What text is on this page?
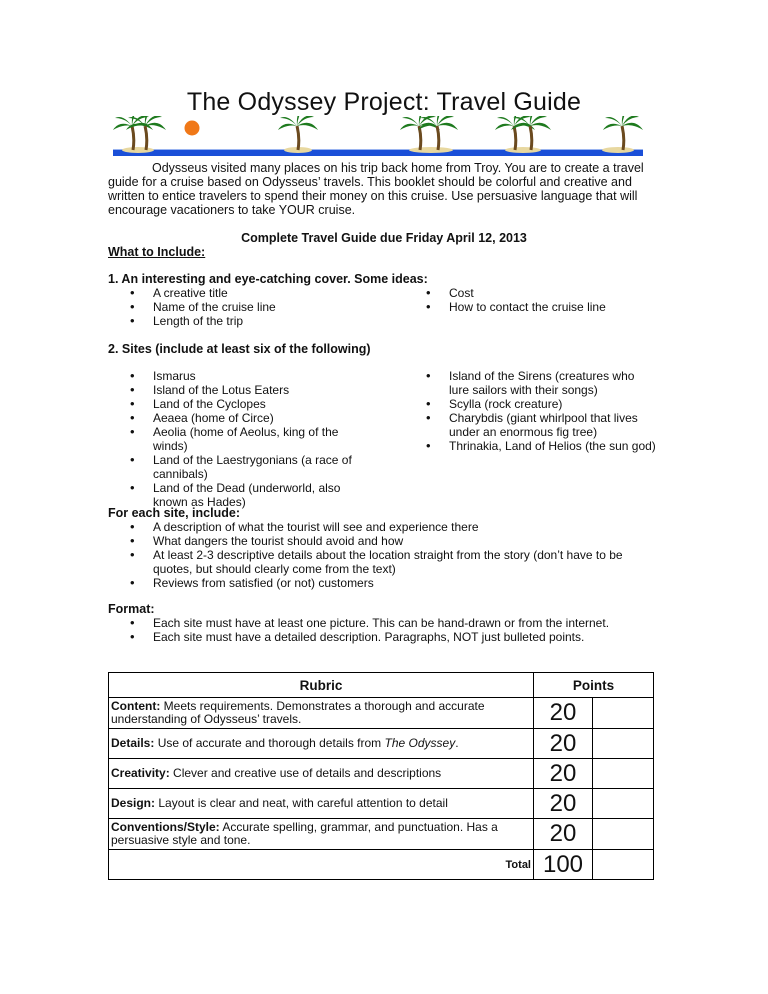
The Odyssey Project: Travel Guide
Odysseus visited many places on his trip back home from Troy. You are to create a travel guide for a cruise based on Odysseus’ travels. This booklet should be colorful and creative and written to entice travelers to spend their money on this cruise. Use persuasive language that will encourage vacationers to take YOUR cruise.
Complete Travel Guide due Friday April 12, 2013
What to Include:
1. An interesting and eye-catching cover. Some ideas:
• A creative title
• Name of the cruise line
• Length of the trip
• Cost
• How to contact the cruise line
2. Sites (include at least six of the following)
• Ismarus
• Island of the Lotus Eaters
• Land of the Cyclopes
• Aeaea (home of Circe)
• Aeolia (home of Aeolus, king of the winds)
• Land of the Laestrygonians (a race of cannibals)
• Land of the Dead (underworld, also known as Hades)
• Island of the Sirens (creatures who lure sailors with their songs)
• Scylla (rock creature)
• Charybdis (giant whirlpool that lives under an enormous fig tree)
• Thrinakia, Land of Helios (the sun god)
For each site, include:
• A description of what the tourist will see and experience there
• What dangers the tourist should avoid and how
• At least 2-3 descriptive details about the location straight from the story (don’t have to be quotes, but should clearly come from the text)
• Reviews from satisfied (or not) customers
Format:
• Each site must have at least one picture. This can be hand-drawn or from the internet.
• Each site must have a detailed description. Paragraphs, NOT just bulleted points.
Rubric	Points	
Content: Meets requirements. Demonstrates a thorough and accurate understanding of Odysseus’ travels.	20	
Details: Use of accurate and thorough details from The Odyssey.	20	
Creativity: Clever and creative use of details and descriptions	20	
Design: Layout is clear and neat, with careful attention to detail	20	
Conventions/Style: Accurate spelling, grammar, and punctuation. Has a persuasive style and tone.	20	
Total	100	
